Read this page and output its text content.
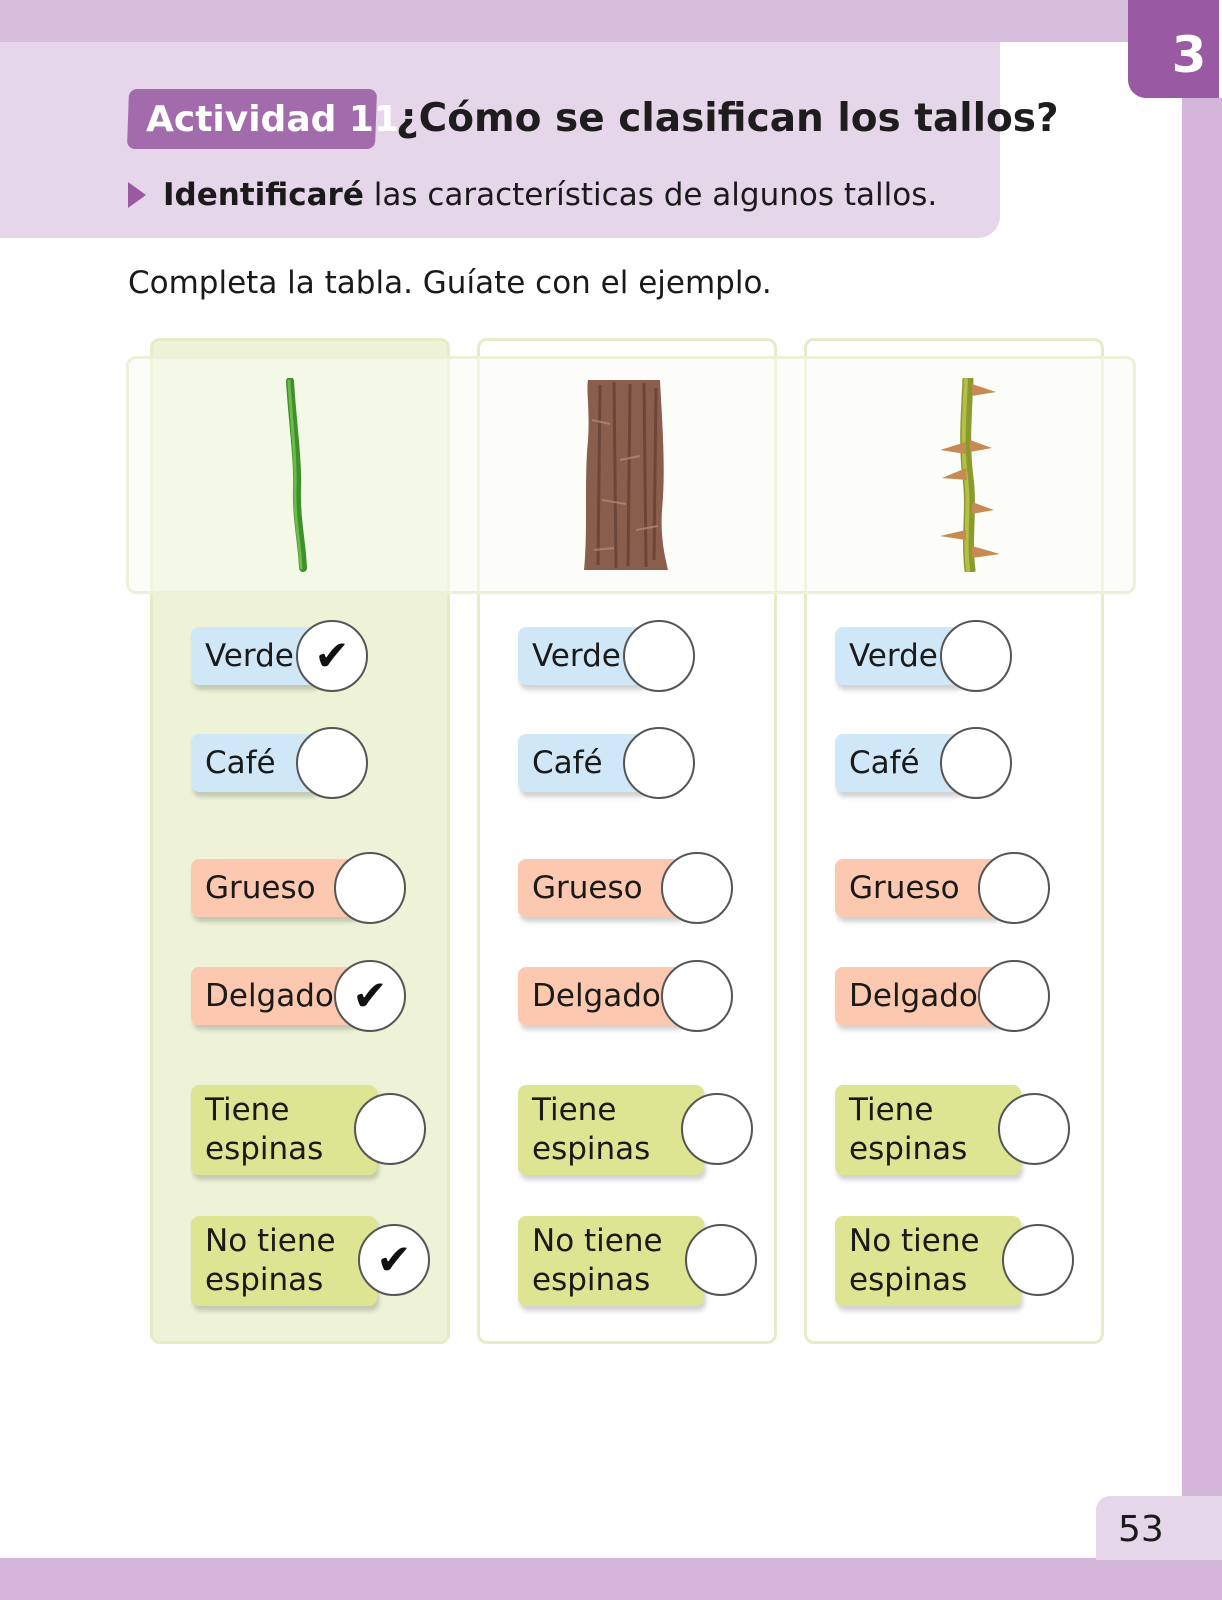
3
Actividad 11
¿Cómo se clasifican los tallos?
Identificaré las características de algunos tallos.
Completa la tabla. Guíate con el ejemplo.
Verde ✔
Café
Grueso
Delgado ✔
Tiene espinas
No tiene espinas	✔
Verde
Café
Grueso
Delgado
Tiene espinas
No tiene espinas
Verde
Café
Grueso
Delgado
Tiene espinas
No tiene espinas
53
